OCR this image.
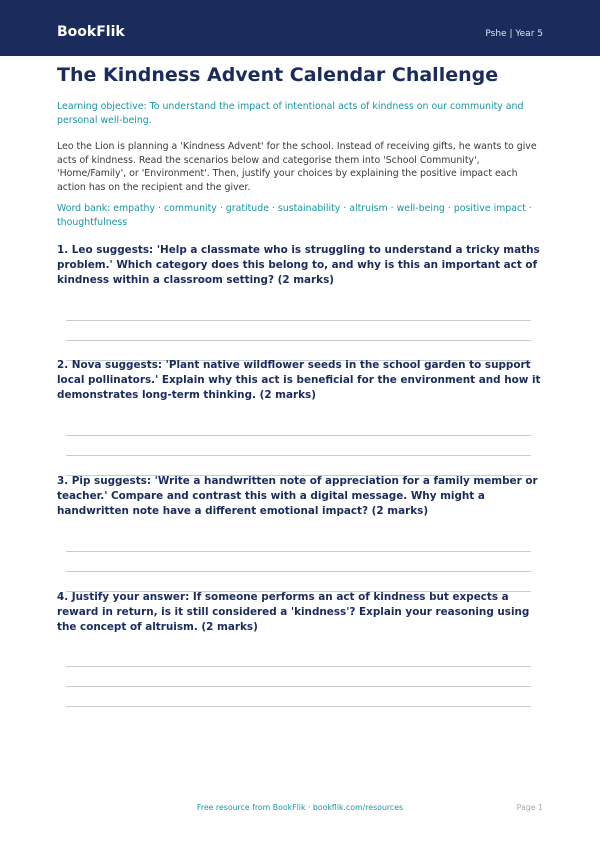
BookFlik	Pshe | Year 5
The Kindness Advent Calendar Challenge
Learning objective: To understand the impact of intentional acts of kindness on our community and personal well-being.
Leo the Lion is planning a 'Kindness Advent' for the school. Instead of receiving gifts, he wants to give acts of kindness. Read the scenarios below and categorise them into 'School Community', 'Home/Family', or 'Environment'. Then, justify your choices by explaining the positive impact each action has on the recipient and the giver.
Word bank: empathy · community · gratitude · sustainability · altruism · well-being · positive impact · thoughtfulness
1. Leo suggests: 'Help a classmate who is struggling to understand a tricky maths problem.' Which category does this belong to, and why is this an important act of kindness within a classroom setting? (2 marks)
2. Nova suggests: 'Plant native wildflower seeds in the school garden to support local pollinators.' Explain why this act is beneficial for the environment and how it demonstrates long-term thinking. (2 marks)
3. Pip suggests: 'Write a handwritten note of appreciation for a family member or teacher.' Compare and contrast this with a digital message. Why might a handwritten note have a different emotional impact? (2 marks)
4. Justify your answer: If someone performs an act of kindness but expects a reward in return, is it still considered a 'kindness'? Explain your reasoning using the concept of altruism. (2 marks)
Free resource from BookFlik · bookflik.com/resources	Page 1
